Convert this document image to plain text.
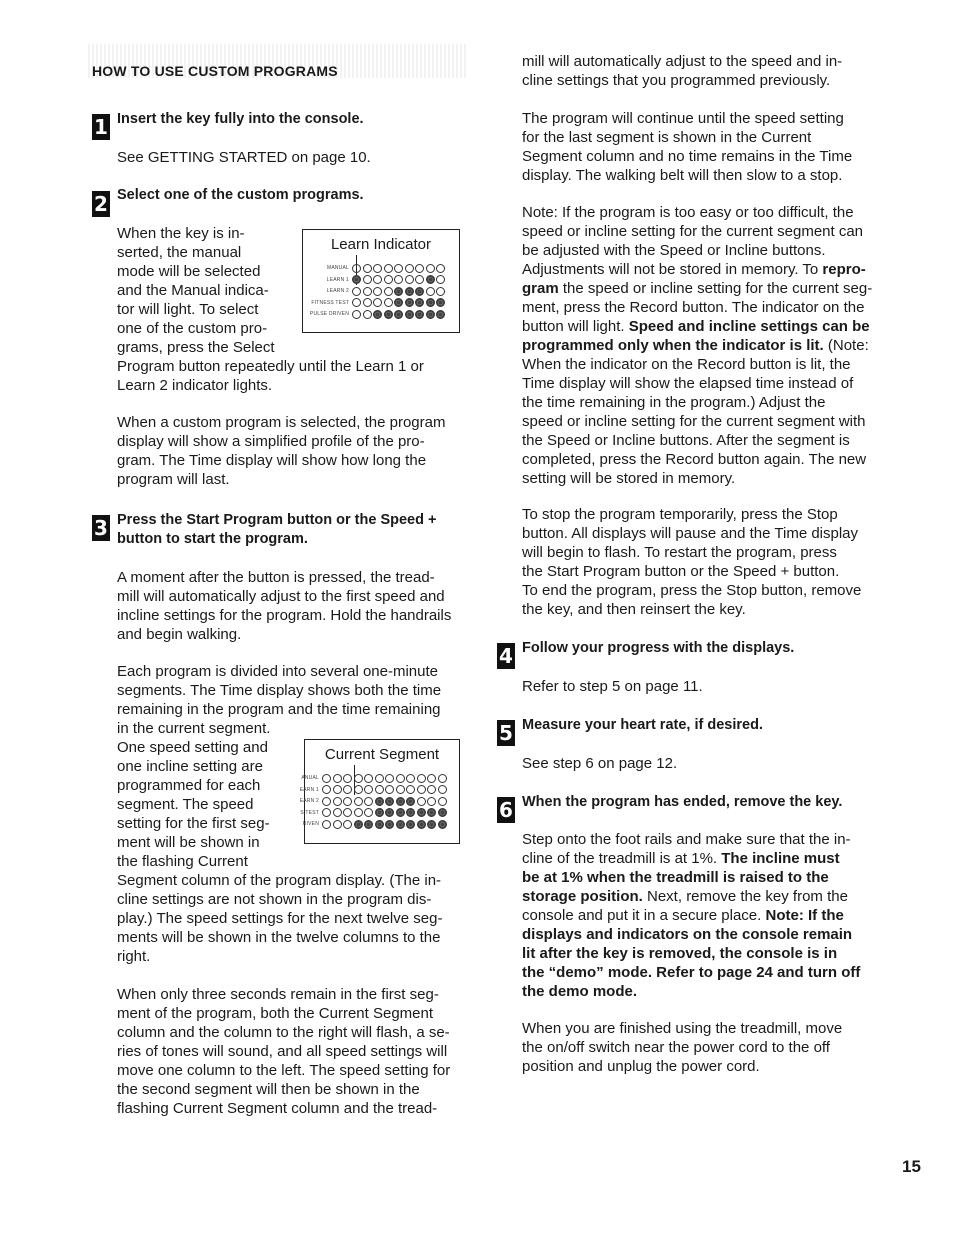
HOW TO USE CUSTOM PROGRAMS
1 Insert the key fully into the console.
See GETTING STARTED on page 10.
2 Select one of the custom programs.
When the key is in-
serted, the manual
mode will be selected
and the Manual indica-
tor will light. To select
one of the custom pro-
grams, press the Select
Program button repeatedly until the Learn 1 or
Learn 2 indicator lights.
Learn Indicator
MANUAL
LEARN 1
LEARN 2
FITNESS TEST
PULSE DRIVEN
When a custom program is selected, the program
display will show a simplified profile of the pro-
gram. The Time display will show how long the
program will last.
3 Press the Start Program button or the Speed +
button to start the program.
A moment after the button is pressed, the tread-
mill will automatically adjust to the first speed and
incline settings for the program. Hold the handrails
and begin walking.
Each program is divided into several one-minute
segments. The Time display shows both the time
remaining in the program and the time remaining
in the current segment.
One speed setting and
one incline setting are
programmed for each
segment. The speed
setting for the first seg-
ment will be shown in
the flashing Current
Segment column of the program display. (The in-
cline settings are not shown in the program dis-
play.) The speed settings for the next twelve seg-
ments will be shown in the twelve columns to the
right.
Current Segment
ANUAL
EARN 1
EARN 2
S TEST
RIVEN
When only three seconds remain in the first seg-
ment of the program, both the Current Segment
column and the column to the right will flash, a se-
ries of tones will sound, and all speed settings will
move one column to the left. The speed setting for
the second segment will then be shown in the
flashing Current Segment column and the tread-
mill will automatically adjust to the speed and in-
cline settings that you programmed previously.
The program will continue until the speed setting
for the last segment is shown in the Current
Segment column and no time remains in the Time
display. The walking belt will then slow to a stop.
Note: If the program is too easy or too difficult, the
speed or incline setting for the current segment can
be adjusted with the Speed or Incline buttons.
Adjustments will not be stored in memory. To repro-
gram the speed or incline setting for the current seg-
ment, press the Record button. The indicator on the
button will light. Speed and incline settings can be
programmed only when the indicator is lit. (Note:
When the indicator on the Record button is lit, the
Time display will show the elapsed time instead of
the time remaining in the program.) Adjust the
speed or incline setting for the current segment with
the Speed or Incline buttons. After the segment is
completed, press the Record button again. The new
setting will be stored in memory.
To stop the program temporarily, press the Stop
button. All displays will pause and the Time display
will begin to flash. To restart the program, press
the Start Program button or the Speed + button.
To end the program, press the Stop button, remove
the key, and then reinsert the key.
4 Follow your progress with the displays.
Refer to step 5 on page 11.
5 Measure your heart rate, if desired.
See step 6 on page 12.
6 When the program has ended, remove the key.
Step onto the foot rails and make sure that the in-
cline of the treadmill is at 1%. The incline must
be at 1% when the treadmill is raised to the
storage position. Next, remove the key from the
console and put it in a secure place. Note: If the
displays and indicators on the console remain
lit after the key is removed, the console is in
the “demo” mode. Refer to page 24 and turn off
the demo mode.
When you are finished using the treadmill, move
the on/off switch near the power cord to the off
position and unplug the power cord.
15
